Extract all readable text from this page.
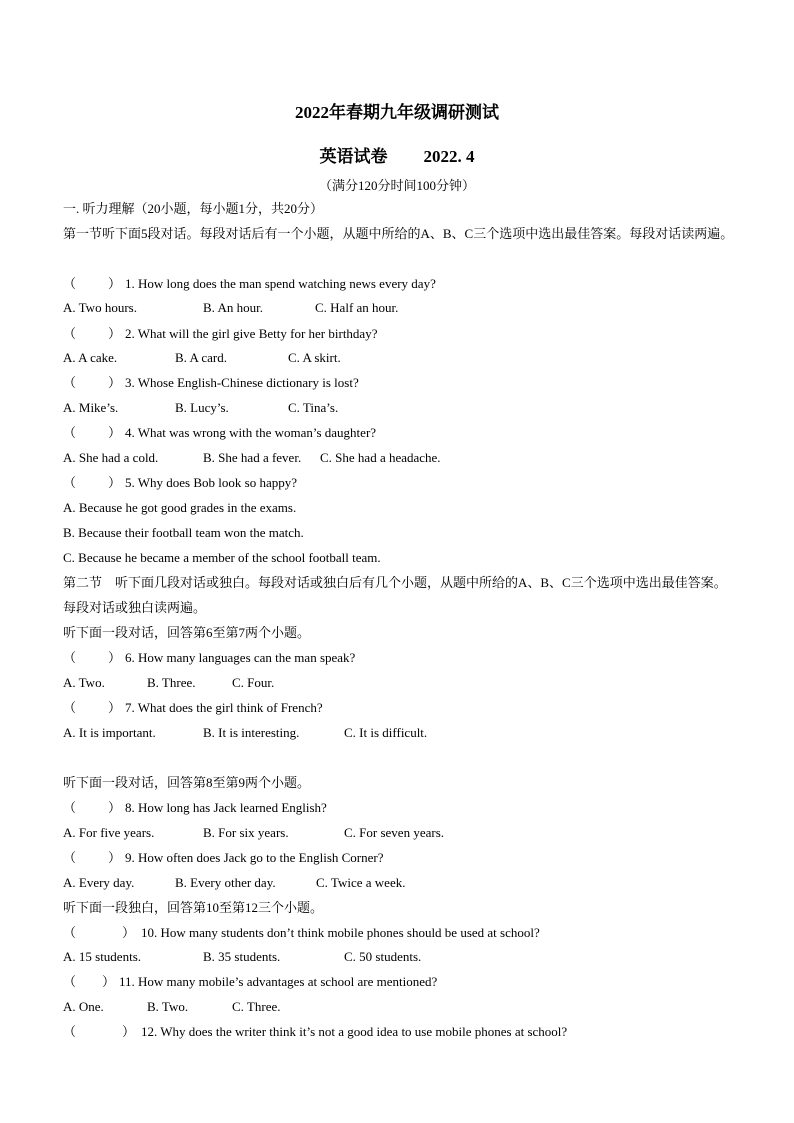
2022年春期九年级调研测试
英语试卷 2022. 4
（满分120分时间100分钟）
一. 听力理解（20小题，每小题1分，共20分）
第一节听下面5段对话。每段对话后有一个小题，从题中所给的A、B、C三个选项中选出最佳答案。每段对话读两遍。
（ ） 1. How long does the man spend watching news every day?
A. Two hours.	B. An hour.	C. Half an hour.
（ ） 2. What will the girl give Betty for her birthday?
A. A cake.	B. A card.	C. A skirt.
（ ） 3. Whose English-Chinese dictionary is lost?
A. Mike’s.	B. Lucy’s.	C. Tina’s.
（ ） 4. What was wrong with the woman’s daughter?
A. She had a cold.	B. She had a fever. C. She had a headache.
（ ） 5. Why does Bob look so happy?
A. Because he got good grades in the exams.
B. Because their football team won the match.
C. Because he became a member of the school football team.
第二节　听下面几段对话或独白。每段对话或独白后有几个小题，从题中所给的A、B、C三个选项中选出最佳答案。每段对话或独白读两遍。
听下面一段对话，回答第6至第7两个小题。
（ ） 6. How many languages can the man speak?
A. Two.	B. Three.	C. Four.
（ ） 7. What does the girl think of French?
A. It is important.	B. It is interesting.	C. It is difficult.
听下面一段对话，回答第8至第9两个小题。
（ ） 8. How long has Jack learned English?
A. For five years.	B. For six years.	C. For seven years.
（ ） 9. How often does Jack go to the English Corner?
A. Every day.	B. Every other day.	C. Twice a week.
听下面一段独白，回答第10至第12三个小题。
（	） 10. How many students don’t think mobile phones should be used at school?
A. 15 students.	B. 35 students.	C. 50 students.
（ ） 11. How many mobile’s advantages at school are mentioned?
A. One.	B. Two.	C. Three.
（	） 12. Why does the writer think it’s not a good idea to use mobile phones at school?
